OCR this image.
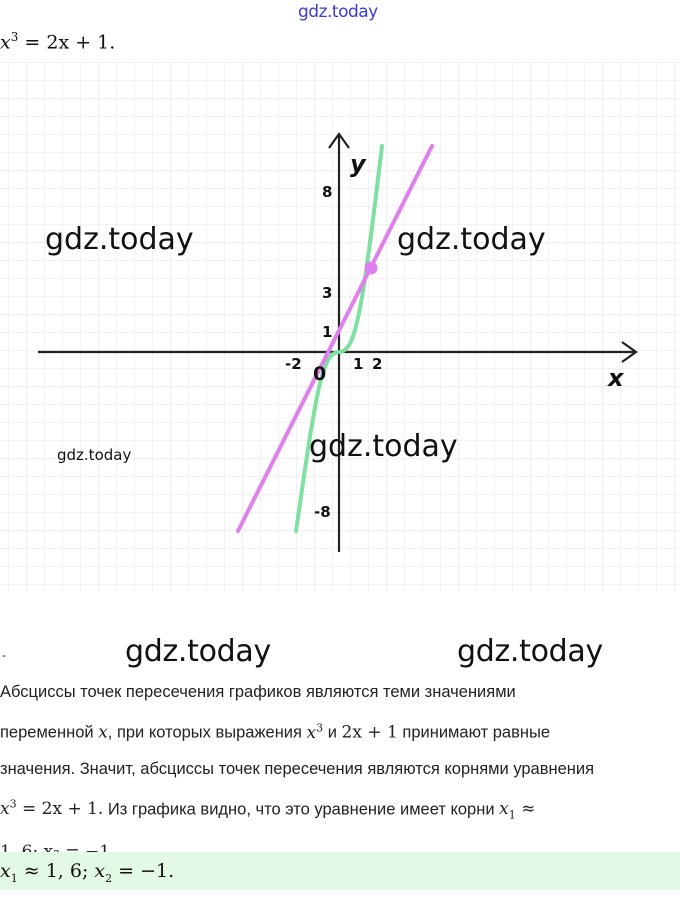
gdz.today
$x^3 = 2x + 1$.
8
3
1
-8
-2	1 2
0
y
x
gdz.today	gdz.today
gdz.today	gdz.today
-	gdz.today	gdz.today
Абсциссы точек пересечения графиков являются теми значениями
переменной x, при которых выражения $x^3$ и 2x + 1 принимают равные
значения. Значит, абсциссы точек пересечения являются корнями уравнения
$x^3 = 2x + 1$. Из графика видно, что это уравнение имеет корни $x_1$ ≈
$x_1 \approx 1$, 6; $x_2 = -1$.
